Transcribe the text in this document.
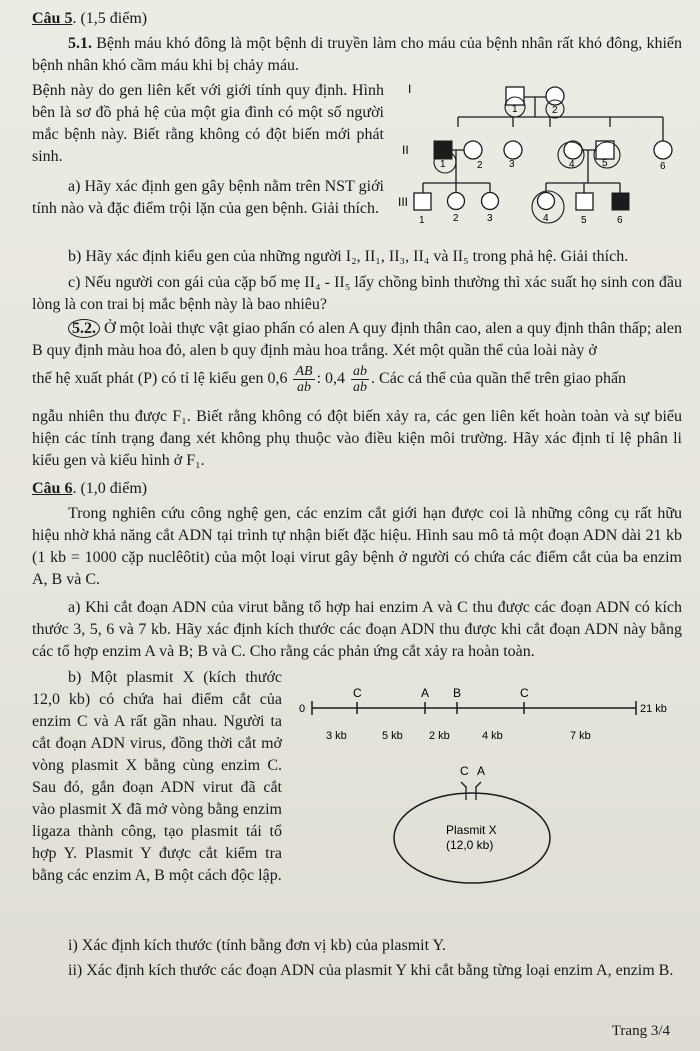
Câu 5. (1,5 điểm)
5.1. Bệnh máu khó đông là một bệnh di truyền làm cho máu của bệnh nhân rất khó đông, khiến bệnh nhân khó cầm máu khi bị chảy máu.
Bệnh này do gen liên kết với giới tính quy định. Hình bên là sơ đồ phả hệ của một gia đình có một số người mắc bệnh này. Biết rằng không có đột biến mới phát sinh.
a) Hãy xác định gen gây bệnh nằm trên NST giới tính nào và đặc điểm trội lặn của gen bệnh. Giải thích.
I
II
III
1	2
1	2	3	4	5	6
1	2	3	4	5	6
b) Hãy xác định kiểu gen của những người I₂, II₁, II₃, II₄ và II₅ trong phả hệ. Giải thích.
c) Nếu người con gái của cặp bố mẹ II₄ - II₅ lấy chồng bình thường thì xác suất họ sinh con đầu lòng là con trai bị mắc bệnh này là bao nhiêu?
5.2. Ở một loài thực vật giao phấn có alen A quy định thân cao, alen a quy định thân thấp; alen B quy định màu hoa đỏ, alen b quy định màu hoa trắng. Xét một quần thể của loài này ở
thế hệ xuất phát (P) có tỉ lệ kiểu gen $0,6 \frac{AB}{ab}$ : $0,4 \frac{ab}{ab}$ . Các cá thể của quần thể trên giao phấn
ngẫu nhiên thu được F₁. Biết rằng không có đột biến xảy ra, các gen liên kết hoàn toàn và sự biểu hiện các tính trạng đang xét không phụ thuộc vào điều kiện môi trường. Hãy xác định tỉ lệ phân li kiểu gen và kiểu hình ở F₁.
Câu 6. (1,0 điểm)
Trong nghiên cứu công nghệ gen, các enzim cắt giới hạn được coi là những công cụ rất hữu hiệu nhờ khả năng cắt ADN tại trình tự nhận biết đặc hiệu. Hình sau mô tả một đoạn ADN dài 21 kb (1 kb = 1000 cặp nuclêôtit) của một loại virut gây bệnh ở người có chứa các điểm cắt của ba enzim A, B và C.
a) Khi cắt đoạn ADN của virut bằng tổ hợp hai enzim A và C thu được các đoạn ADN có kích thước 3, 5, 6 và 7 kb. Hãy xác định kích thước các đoạn ADN thu được khi cắt đoạn ADN này bằng các tổ hợp enzim A và B; B và C. Cho rằng các phản ứng cắt xảy ra hoàn toàn.
b) Một plasmit X (kích thước 12,0 kb) có chứa hai điểm cắt của enzim C và A rất gần nhau. Người ta cắt đoạn ADN virus, đồng thời cắt mở vòng plasmit X bằng cùng enzim C. Sau đó, gắn đoạn ADN virut đã cắt vào plasmit X đã mở vòng bằng enzim ligaza thành công, tạo plasmit tái tổ hợp Y. Plasmit Y được cắt kiểm tra bằng các enzim A, B một cách độc lập.
0	21 kb
C	A B	C
3 kb	5 kb 2 kb	4 kb	7 kb
C A
Plasmit X
(12,0 kb)
i) Xác định kích thước (tính bằng đơn vị kb) của plasmit Y.
ii) Xác định kích thước các đoạn ADN của plasmit Y khi cắt bằng từng loại enzim A, enzim B.
Trang 3/4
